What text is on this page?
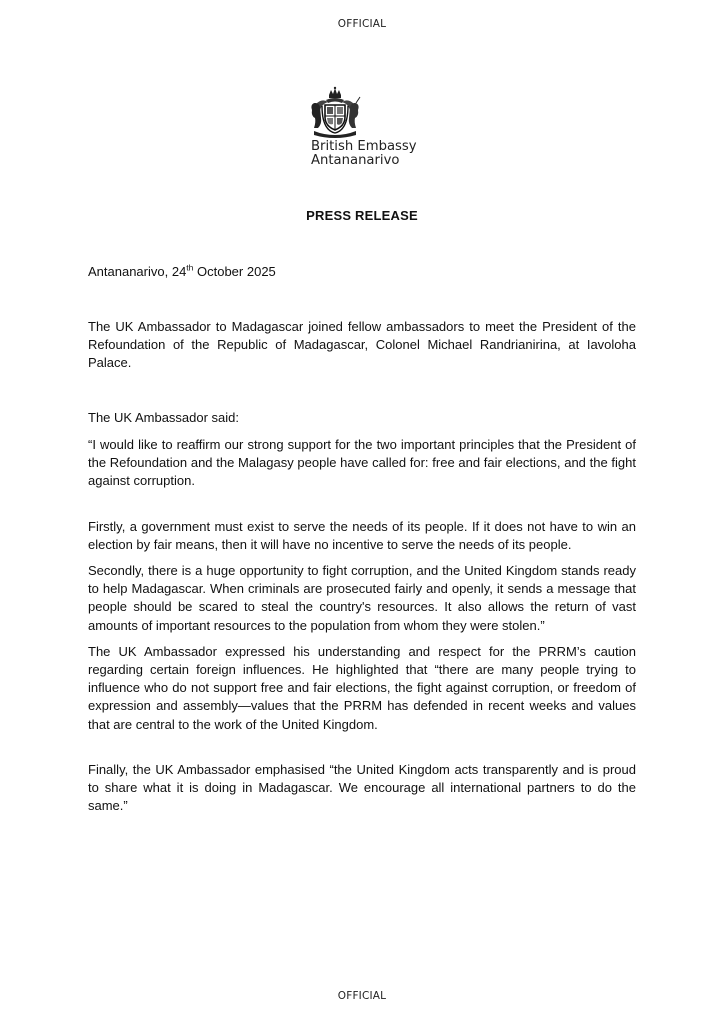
OFFICIAL
British Embassy
Antananarivo
PRESS RELEASE
Antananarivo, 24th October 2025

The UK Ambassador to Madagascar joined fellow ambassadors to meet the President of the Refoundation of the Republic of Madagascar, Colonel Michael Randrianirina, at Iavoloha Palace.

The UK Ambassador said:

“I would like to reaffirm our strong support for the two important principles that the President of the Refoundation and the Malagasy people have called for: free and fair elections, and the fight against corruption.

Firstly, a government must exist to serve the needs of its people. If it does not have to win an election by fair means, then it will have no incentive to serve the needs of its people.

Secondly, there is a huge opportunity to fight corruption, and the United Kingdom stands ready to help Madagascar. When criminals are prosecuted fairly and openly, it sends a message that people should be scared to steal the country's resources. It also allows the return of vast amounts of important resources to the population from whom they were stolen.”

The UK Ambassador expressed his understanding and respect for the PRRM’s caution regarding certain foreign influences. He highlighted that “there are many people trying to influence who do not support free and fair elections, the fight against corruption, or freedom of expression and assembly—values that the PRRM has defended in recent weeks and values that are central to the work of the United Kingdom.

Finally, the UK Ambassador emphasised “the United Kingdom acts transparently and is proud to share what it is doing in Madagascar. We encourage all international partners to do the same.”

OFFICIAL
